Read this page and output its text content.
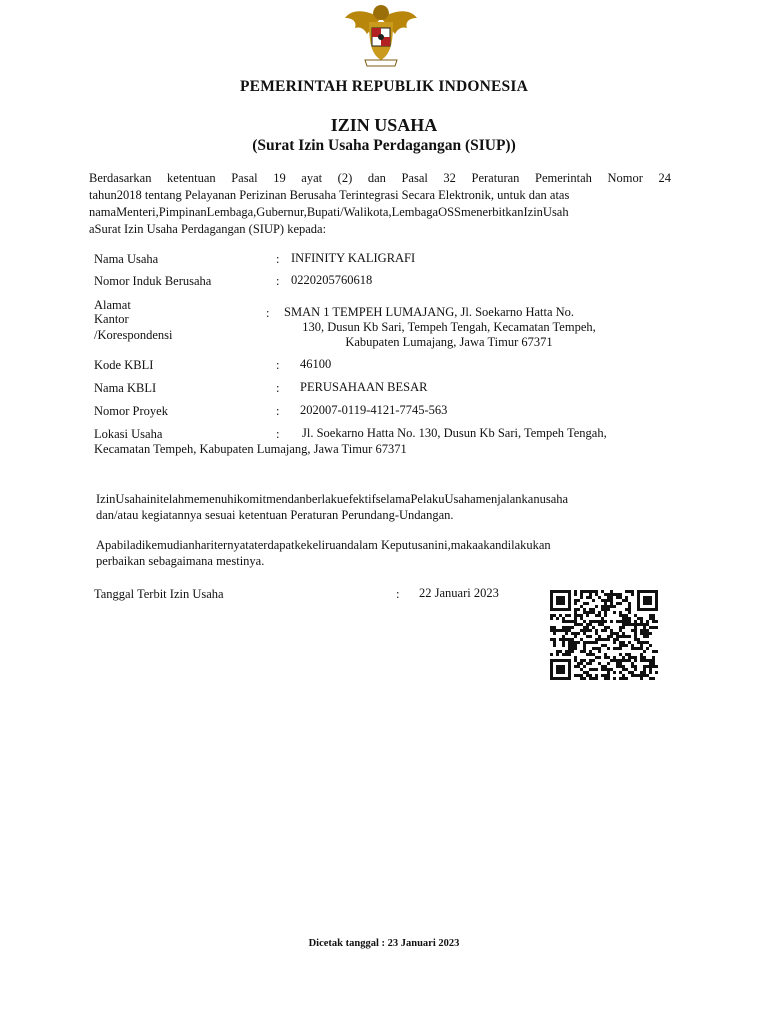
PEMERINTAH REPUBLIK INDONESIA
IZIN USAHA
(Surat Izin Usaha Perdagangan (SIUP))
Berdasarkan ketentuan Pasal 19 ayat (2) dan Pasal 32 Peraturan Pemerintah Nomor 24
tahun2018 tentang Pelayanan Perizinan Berusaha Terintegrasi Secara Elektronik, untuk dan atas
namaMenteri,PimpinanLembaga,Gubernur,Bupati/Walikota,LembagaOSSmenerbitkanIzinUsah
aSurat Izin Usaha Perdagangan (SIUP) kepada:
Nama Usaha	: INFINITY KALIGRAFI
Nomor Induk Berusaha	: 0220205760618
Alamat
Kantor
/Korespondensi
: SMAN 1 TEMPEH LUMAJANG, Jl. Soekarno Hatta No.
130, Dusun Kb Sari, Tempeh Tengah, Kecamatan Tempeh,
Kabupaten Lumajang, Jawa Timur 67371
Kode KBLI	: 46100
Nama KBLI	: PERUSAHAAN BESAR
Nomor Proyek	: 202007-0119-4121-7745-563
Lokasi Usaha	: Jl. Soekarno Hatta No. 130, Dusun Kb Sari, Tempeh Tengah,
Kecamatan Tempeh, Kabupaten Lumajang, Jawa Timur 67371
IzinUsahainitelahmemenuhikomitmendanberlakuefektifselamaPelakuUsahamenjalankanusaha
dan/atau kegiatannya sesuai ketentuan Peraturan Perundang-Undangan.
Apabiladikemudianhariternyataterdapatkekeliruandalam Keputusanini,makaakandilakukan
perbaikan sebagaimana mestinya.
Tanggal Terbit Izin Usaha	: 22 Januari 2023
Dicetak tanggal : 23 Januari 2023
